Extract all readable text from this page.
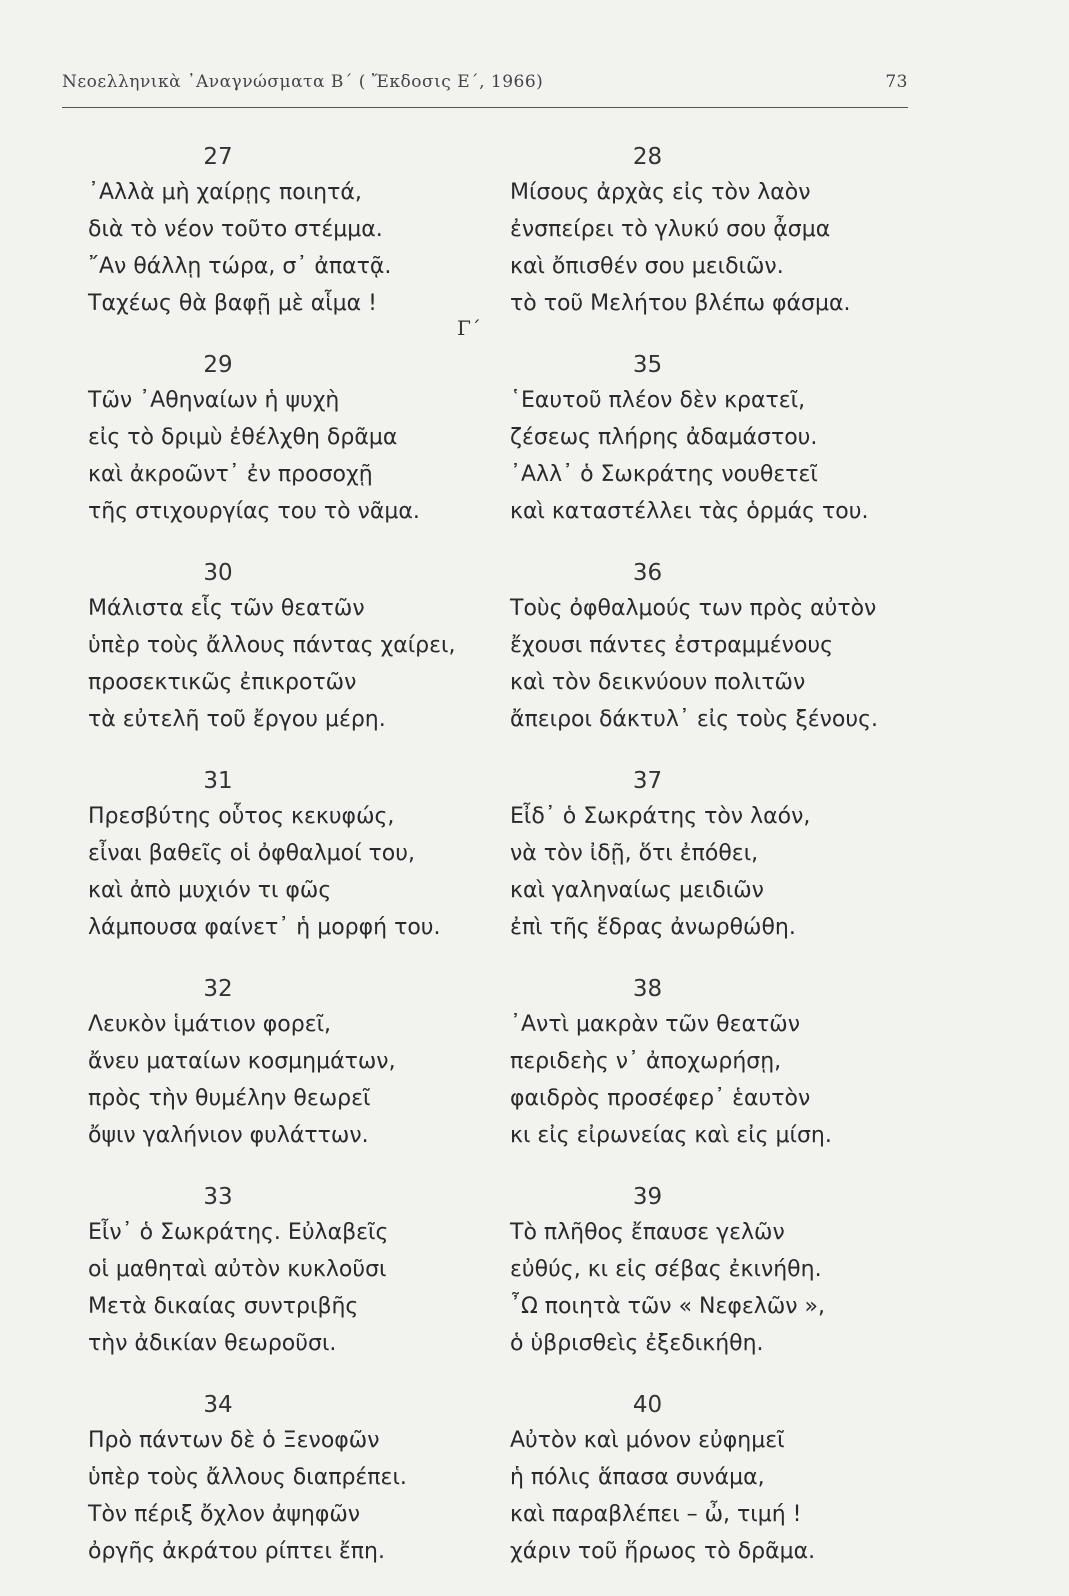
Νεοελληνικὰ ᾿Αναγνώσματα Β΄ ( Ἔκδοσις Ε΄, 1966)	73
Γ΄
27
᾿Αλλὰ μὴ χαίρῃς ποιητά,
διὰ τὸ νέον τοῦτο στέμμα.
῎Αν θάλλῃ τώρα, σ᾿ ἀπατᾷ.
Ταχέως θὰ βαφῇ μὲ αἷμα !
29
Τῶν ᾿Αθηναίων ἡ ψυχὴ
εἰς τὸ δριμὺ ἐθέλχθη δρᾶμα
καὶ ἀκροῶντ᾿ ἐν προσοχῇ
τῆς στιχουργίας του τὸ νᾶμα.
30
Μάλιστα εἷς τῶν θεατῶν
ὑπὲρ τοὺς ἄλλους πάντας χαίρει,
προσεκτικῶς ἐπικροτῶν
τὰ εὐτελῆ τοῦ ἔργου μέρη.
31
Πρεσβύτης οὗτος κεκυφώς,
εἶναι βαθεῖς οἱ ὀφθαλμοί του,
καὶ ἀπὸ μυχιόν τι φῶς
λάμπουσα φαίνετ᾿ ἡ μορφή του.
32
Λευκὸν ἱμάτιον φορεῖ,
ἄνευ ματαίων κοσμημάτων,
πρὸς τὴν θυμέλην θεωρεῖ
ὄψιν γαλήνιον φυλάττων.
33
Εἶν᾿ ὁ Σωκράτης. Εὐλαβεῖς
οἱ μαθηταὶ αὐτὸν κυκλοῦσι
Μετὰ δικαίας συντριβῆς
τὴν ἀδικίαν θεωροῦσι.
34
Πρὸ πάντων δὲ ὁ Ξενοφῶν
ὑπὲρ τοὺς ἄλλους διαπρέπει.
Τὸν πέριξ ὄχλον ἀψηφῶν
ὀργῆς ἀκράτου ρίπτει ἔπη.
28
Μίσους ἀρχὰς εἰς τὸν λαὸν
ἐνσπείρει τὸ γλυκύ σου ᾆσμα
καὶ ὄπισθέν σου μειδιῶν.
τὸ τοῦ Μελήτου βλέπω φάσμα.
35
῾Εαυτοῦ πλέον δὲν κρατεῖ,
ζέσεως πλήρης ἀδαμάστου.
᾿Αλλ᾿ ὁ Σωκράτης νουθετεῖ
καὶ καταστέλλει τὰς ὁρμάς του.
36
Τοὺς ὀφθαλμούς των πρὸς αὐτὸν
ἔχουσι πάντες ἐστραμμένους
καὶ τὸν δεικνύουν πολιτῶν
ἄπειροι δάκτυλ᾿ εἰς τοὺς ξένους.
37
Εἶδ᾿ ὁ Σωκράτης τὸν λαόν,
νὰ τὸν ἰδῇ, ὅτι ἐπόθει,
καὶ γαληναίως μειδιῶν
ἐπὶ τῆς ἕδρας ἀνωρθώθη.
38
᾿Αντὶ μακρὰν τῶν θεατῶν
περιδεὴς ν᾿ ἀποχωρήσῃ,
φαιδρὸς προσέφερ᾿ ἑαυτὸν
κι εἰς εἰρωνείας καὶ εἰς μίση.
39
Τὸ πλῆθος ἔπαυσε γελῶν
εὐθύς, κι εἰς σέβας ἐκινήθη.
῏Ω ποιητὰ τῶν « Νεφελῶν »,
ὁ ὑβρισθεὶς ἐξεδικήθη.
40
Αὐτὸν καὶ μόνον εὐφημεῖ
ἡ πόλις ἅπασα συνάμα,
καὶ παραβλέπει – ὦ, τιμή !
χάριν τοῦ ἥρωος τὸ δρᾶμα.
